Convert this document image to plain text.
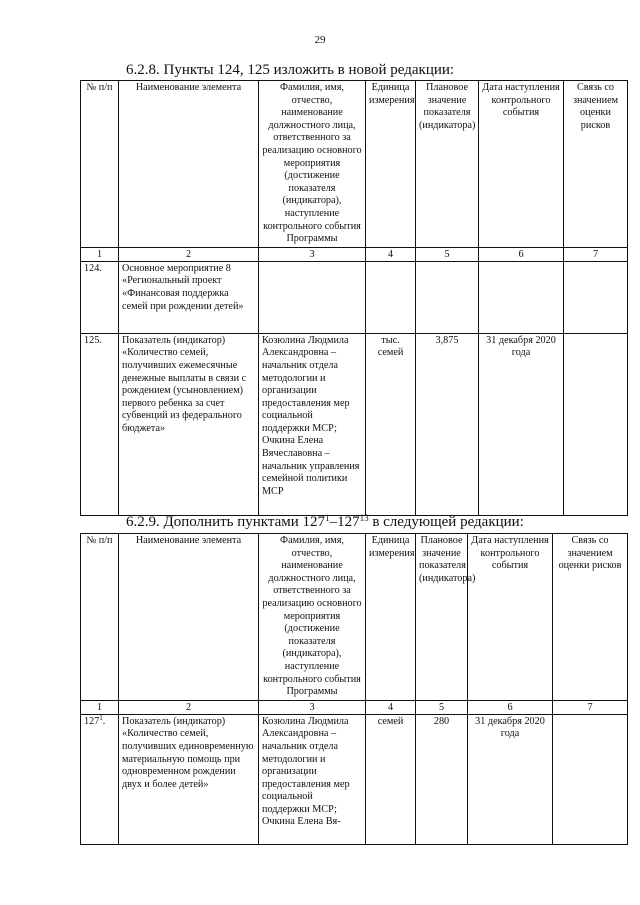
29
6.2.8. Пункты 124, 125 изложить в новой редакции:
№ п/п	Наименование элемента	Фамилия, имя, отчество, наименование должностного лица, ответственного за реализацию основного мероприятия (достижение показателя (индикатора), наступление контрольного события Программы	Единица измерения	Плановое значение показателя (индикатора)	Дата наступления контрольного события	Связь со значением оценки рисков
1	2	3	4	5	6	7
124.	Основное мероприятие 8 «Региональный проект «Финансовая поддержка семей при рождении детей»					
125.	Показатель (индикатор) «Количество семей, получивших ежемесячные денежные выплаты в связи с рождением (усыновлением) первого ребенка за счет субвенций из федерального бюджета»	Козюлина Людмила Александровна – начальник отдела методологии и организации предоставления мер социальной поддержки МСР; Очкина Елена Вячеславовна – начальник управления семейной политики МСР	тыс. семей	3,875	31 декабря 2020 года	
6.2.9. Дополнить пунктами $127^1-127^{13}$ в следующей редакции:
№ п/п	Наименование элемента	Фамилия, имя, отчество, наименование должностного лица, ответственного за реализацию основного мероприятия (достижение показателя (индикатора), наступление контрольного события Программы	Единица измерения	Плановое значение показателя (индикатора)	Дата наступления контрольного события	Связь со значением оценки рисков
1	2	3	4	5	6	7
$127^1$.	Показатель (индикатор) «Количество семей, получивших единовременную материальную помощь при одновременном рождении двух и более детей»	Козюлина Людмила Александровна – начальник отдела методологии и организации предоставления мер социальной поддержки МСР; Очкина Елена Вя-	семей	280	31 декабря 2020 года	
